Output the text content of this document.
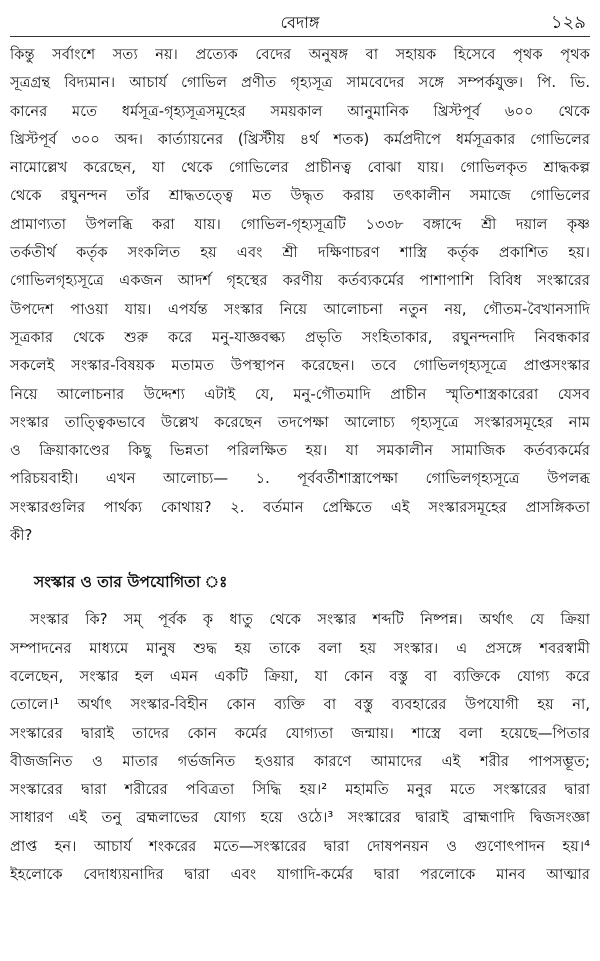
বেদাঙ্গ	১২৯
কিন্তু সর্বাংশে সত্য নয়। প্রত্যেক বেদের অনুষঙ্গ বা সহায়ক হিসেবে পৃথক পৃথক
সূত্রগ্রন্থ বিদ্যমান। আচার্য গোভিল প্রণীত গৃহ্যসূত্র সামবেদের সঙ্গে সম্পর্কযুক্ত। পি. ভি.
কানের মতে ধর্মসূত্র-গৃহ্যসূত্রসমূহের সময়কাল আনুমানিক খ্রিস্টপূর্ব ৬০০ থেকে
খ্রিস্টপূর্ব ৩০০ অব্দ। কার্ত্যায়নের (খ্রিস্টীয় ৪র্থ শতক) কর্মপ্রদীপে ধর্মসূত্রকার গোভিলের
নামোল্লেখ করেছেন, যা থেকে গোভিলের প্রাচীনত্ব বোঝা যায়। গোভিলকৃত শ্রাদ্ধকল্প
থেকে রঘুনন্দন তাঁর শ্রাদ্ধতত্ত্বে মত উদ্ধৃত করায় তৎকালীন সমাজে গোভিলের
প্রামাণ্যতা উপলব্ধি করা যায়। গোভিল-গৃহ্যসূত্রটি ১৩৩৮ বঙ্গাব্দে শ্রী দয়াল কৃষ্ণ
তর্কতীর্থ কর্তৃক সংকলিত হয় এবং শ্রী দক্ষিণাচরণ শাস্ত্রি কর্তৃক প্রকাশিত হয়।
গোভিলগৃহ্যসূত্রে একজন আদর্শ গৃহস্থের করণীয় কর্তব্যকর্মের পাশাপাশি বিবিধ সংস্কারের
উপদেশ পাওয়া যায়। এপর্যন্ত সংস্কার নিয়ে আলোচনা নতুন নয়, গৌতম-বৈখানসাদি
সূত্রকার থেকে শুরু করে মনু-যাজ্ঞবল্ক্য প্রভৃতি সংহিতাকার, রঘুনন্দনাদি নিবন্ধকার
সকলেই সংস্কার-বিষয়ক মতামত উপস্থাপন করেছেন। তবে গোভিলগৃহ্যসূত্রে প্রাপ্তসংস্কার
নিয়ে আলোচনার উদ্দেশ্য এটাই যে, মনু-গৌতমাদি প্রাচীন স্মৃতিশাস্ত্রকারেরা যেসব
সংস্কার তাত্ত্বিকভাবে উল্লেখ করেছেন তদপেক্ষা আলোচ্য গৃহ্যসূত্রে সংস্কারসমূহের নাম
ও ক্রিয়াকাণ্ডের কিছু ভিন্নতা পরিলক্ষিত হয়। যা সমকালীন সামাজিক কর্তব্যকর্মের
পরিচয়বাহী। এখন আলোচ্য— ১. পূর্ববর্তীশাস্ত্রাপেক্ষা গোভিলগৃহ্যসূত্রে উপলব্ধ
সংস্কারগুলির পার্থক্য কোথায়? ২. বর্তমান প্রেক্ষিতে এই সংস্কারসমূহের প্রাসঙ্গিকতা
কী?
সংস্কার ও তার উপযোগিতা ঃ
সংস্কার কি? সম্ পূর্বক কৃ ধাতু থেকে সংস্কার শব্দটি নিষ্পন্ন। অর্থাৎ যে ক্রিয়া
সম্পাদনের মাধ্যমে মানুষ শুদ্ধ হয় তাকে বলা হয় সংস্কার। এ প্রসঙ্গে শবরস্বামী
বলেছেন, সংস্কার হল এমন একটি ক্রিয়া, যা কোন বস্তু বা ব্যক্তিকে যোগ্য করে
তোলে।¹ অর্থাৎ সংস্কার-বিহীন কোন ব্যক্তি বা বস্তু ব্যবহারের উপযোগী হয় না,
সংস্কারের দ্বারাই তাদের কোন কর্মের যোগ্যতা জন্মায়। শাস্ত্রে বলা হয়েছে—পিতার
বীজজনিত ও মাতার গর্ভজনিত হওয়ার কারণে আমাদের এই শরীর পাপসম্ভূত;
সংস্কারের দ্বারা শরীরের পবিত্রতা সিদ্ধি হয়।² মহামতি মনুর মতে সংস্কারের দ্বারা
সাধারণ এই তনু ব্রহ্মলাভের যোগ্য হয়ে ওঠে।³ সংস্কারের দ্বারাই ব্রাহ্মণাদি দ্বিজসংজ্ঞা
প্রাপ্ত হন। আচার্য শংকরের মতে—সংস্কারের দ্বারা দোষপনয়ন ও গুণোৎপাদন হয়।⁴
ইহলোকে বেদাধ্যয়নাদির দ্বারা এবং যাগাদি-কর্মের দ্বারা পরলোকে মানব আত্মার
